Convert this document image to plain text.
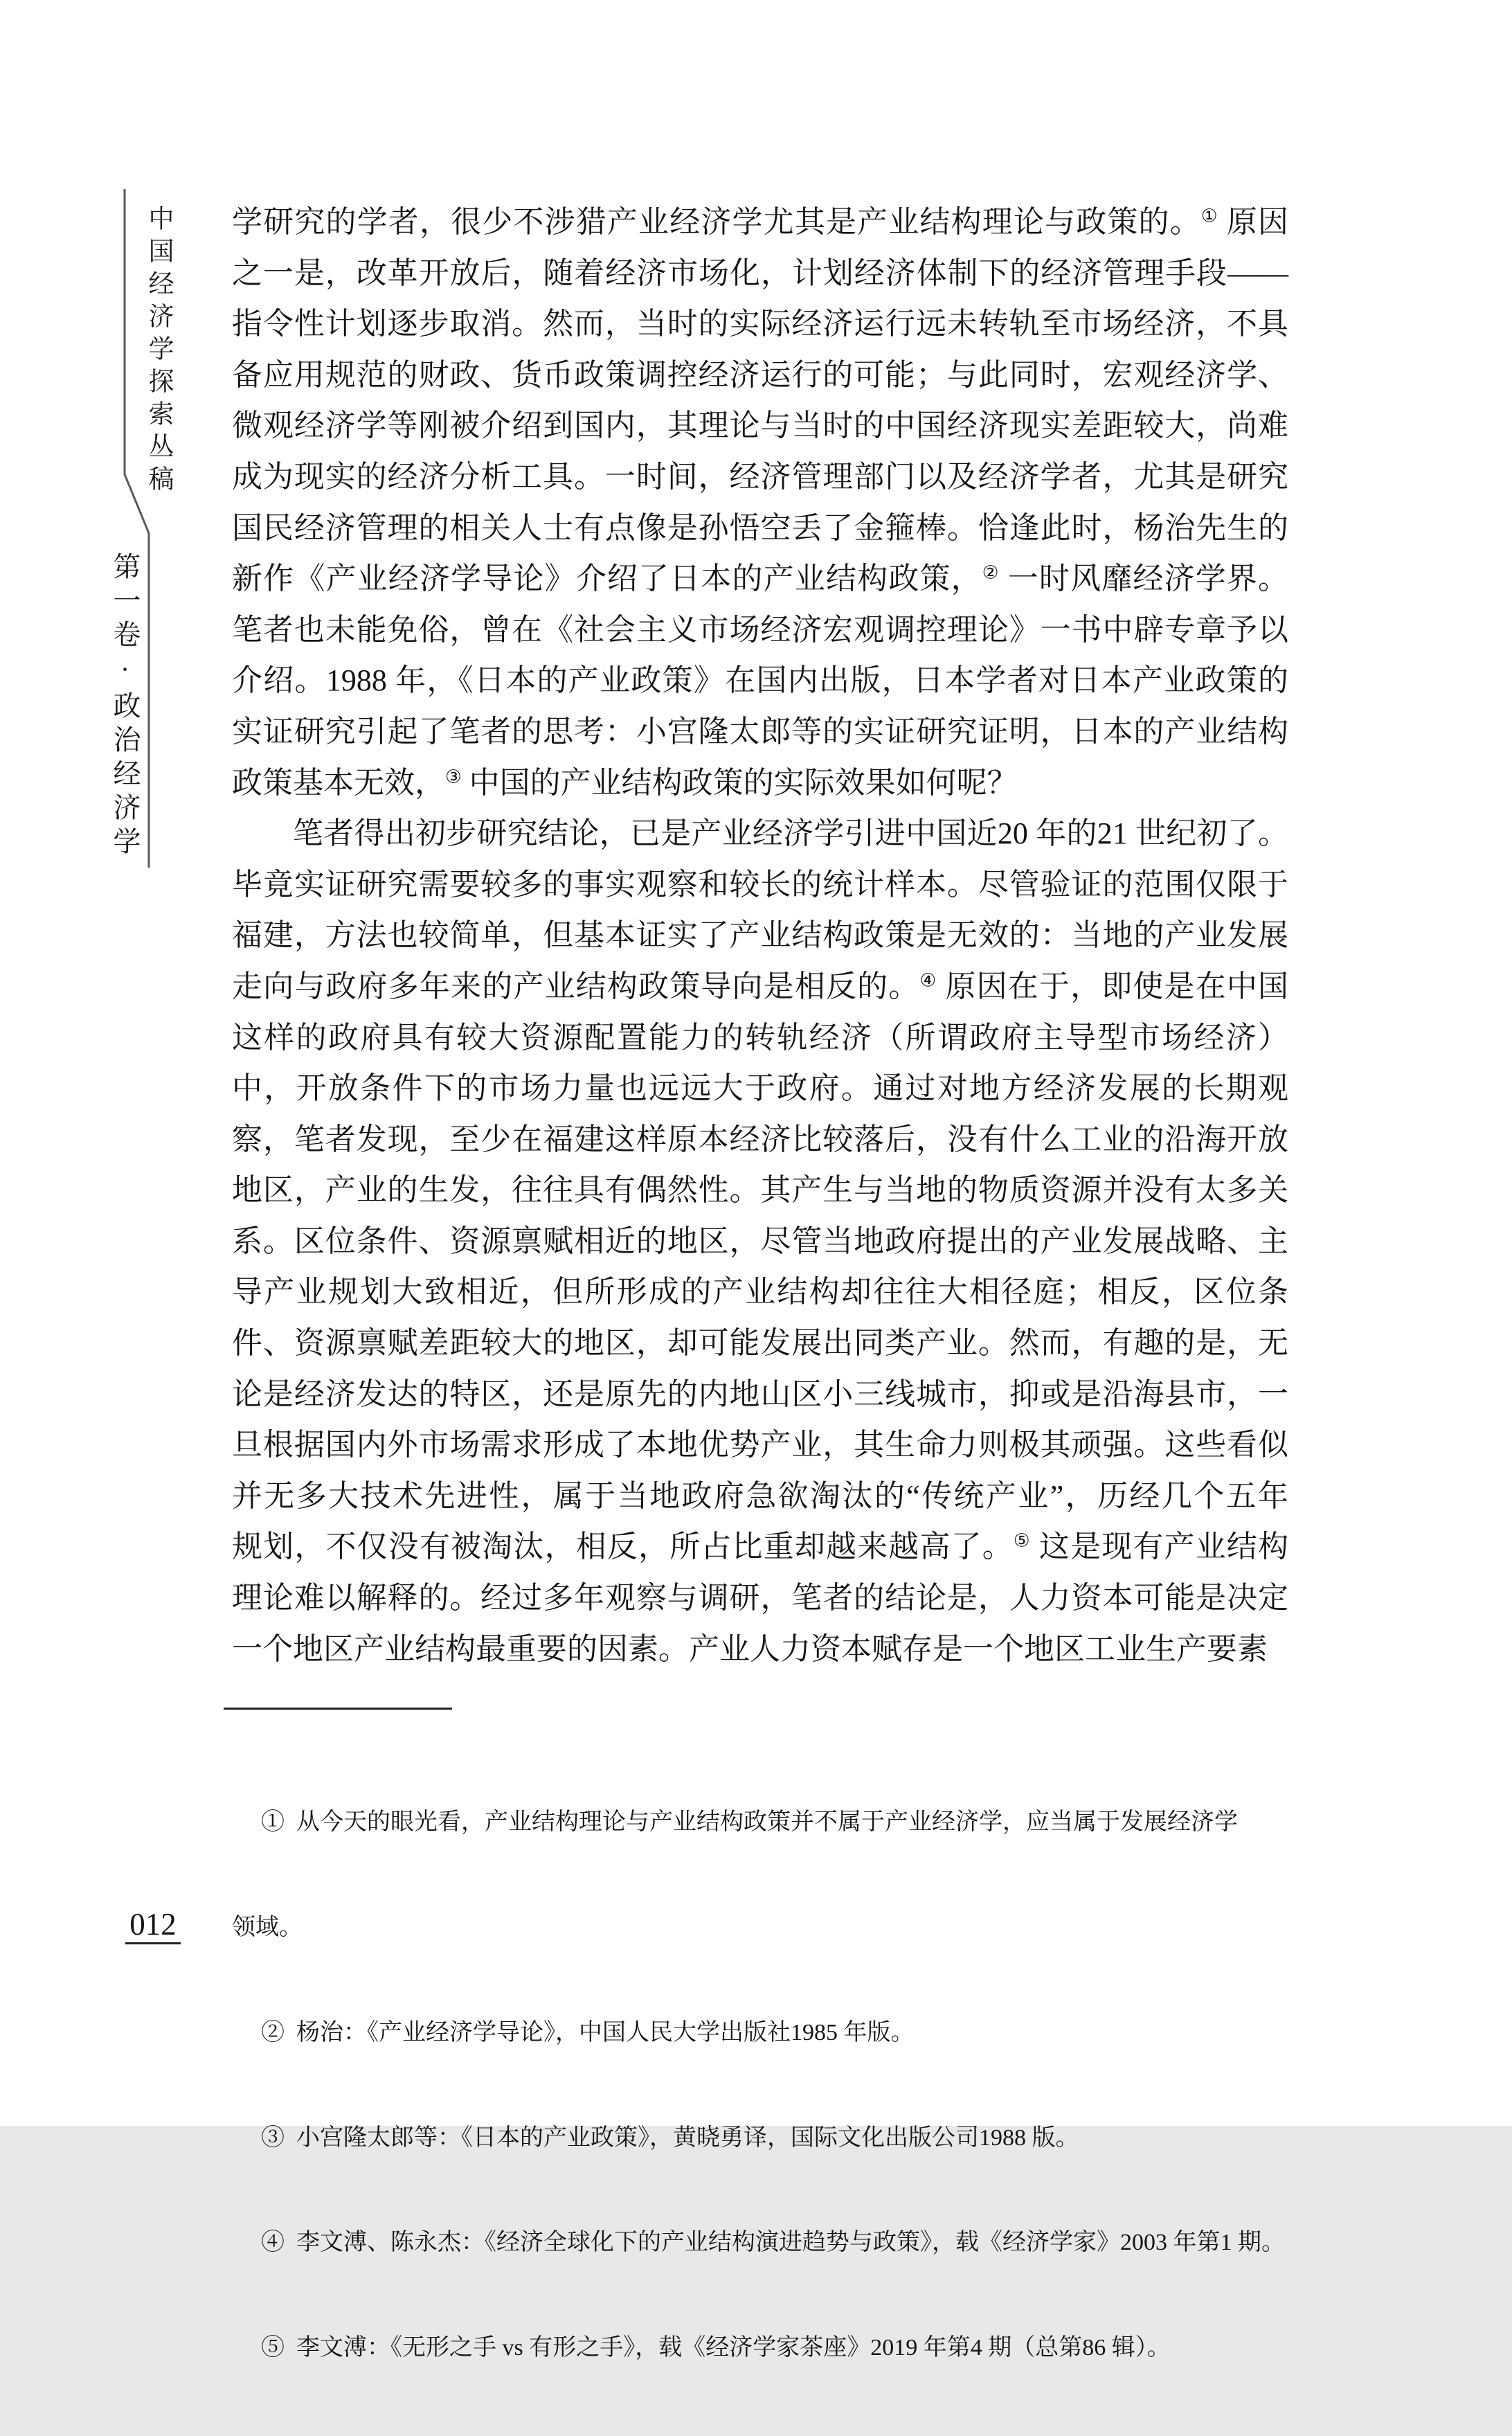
中国经济学探索丛稿
第一卷·政治经济学
012
学研究的学者，很少不涉猎产业经济学尤其是产业结构理论与政策的。① 原因
之一是，改革开放后，随着经济市场化，计划经济体制下的经济管理手段——
指令性计划逐步取消。然而，当时的实际经济运行远未转轨至市场经济，不具
备应用规范的财政、货币政策调控经济运行的可能；与此同时，宏观经济学、
微观经济学等刚被介绍到国内，其理论与当时的中国经济现实差距较大，尚难
成为现实的经济分析工具。一时间，经济管理部门以及经济学者，尤其是研究
国民经济管理的相关人士有点像是孙悟空丢了金箍棒。恰逢此时，杨治先生的
新作《产业经济学导论》介绍了日本的产业结构政策，② 一时风靡经济学界。
笔者也未能免俗，曾在《社会主义市场经济宏观调控理论》一书中辟专章予以
介绍。1988 年，《日本的产业政策》在国内出版，日本学者对日本产业政策的
实证研究引起了笔者的思考：小宫隆太郎等的实证研究证明，日本的产业结构
政策基本无效，③ 中国的产业结构政策的实际效果如何呢？
笔者得出初步研究结论，已是产业经济学引进中国近20 年的21 世纪初了。
毕竟实证研究需要较多的事实观察和较长的统计样本。尽管验证的范围仅限于
福建，方法也较简单，但基本证实了产业结构政策是无效的：当地的产业发展
走向与政府多年来的产业结构政策导向是相反的。④ 原因在于，即使是在中国
这样的政府具有较大资源配置能力的转轨经济（所谓政府主导型市场经济）
中，开放条件下的市场力量也远远大于政府。通过对地方经济发展的长期观
察，笔者发现，至少在福建这样原本经济比较落后，没有什么工业的沿海开放
地区，产业的生发，往往具有偶然性。其产生与当地的物质资源并没有太多关
系。区位条件、资源禀赋相近的地区，尽管当地政府提出的产业发展战略、主
导产业规划大致相近，但所形成的产业结构却往往大相径庭；相反，区位条
件、资源禀赋差距较大的地区，却可能发展出同类产业。然而，有趣的是，无
论是经济发达的特区，还是原先的内地山区小三线城市，抑或是沿海县市，一
旦根据国内外市场需求形成了本地优势产业，其生命力则极其顽强。这些看似
并无多大技术先进性，属于当地政府急欲淘汰的“传统产业”，历经几个五年
规划，不仅没有被淘汰，相反，所占比重却越来越高了。⑤ 这是现有产业结构
理论难以解释的。经过多年观察与调研，笔者的结论是，人力资本可能是决定
一个地区产业结构最重要的因素。产业人力资本赋存是一个地区工业生产要素

①  从今天的眼光看，产业结构理论与产业结构政策并不属于产业经济学，应当属于发展经济学

领域。

②  杨治：《产业经济学导论》，中国人民大学出版社1985 年版。

③  小宫隆太郎等：《日本的产业政策》，黄晓勇译，国际文化出版公司1988 版。

④  李文溥、陈永杰：《经济全球化下的产业结构演进趋势与政策》，载《经济学家》2003 年第1 期。

⑤  李文溥：《无形之手 vs 有形之手》，载《经济学家茶座》2019 年第4 期（总第86 辑）。
